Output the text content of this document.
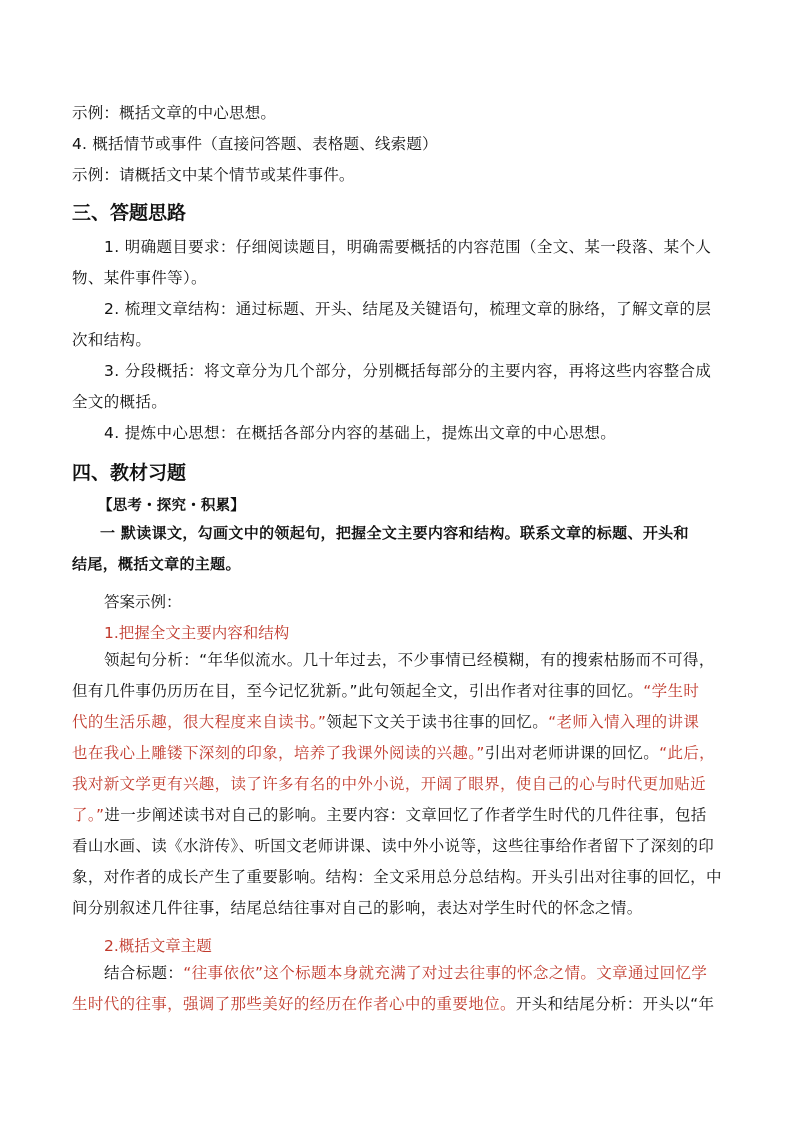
示例：概括文章的中心思想。
4. 概括情节或事件（直接问答题、表格题、线索题）
示例：请概括文中某个情节或某件事件。
三、答题思路
1. 明确题目要求：仔细阅读题目，明确需要概括的内容范围（全文、某一段落、某个人
物、某件事件等）。
2. 梳理文章结构：通过标题、开头、结尾及关键语句，梳理文章的脉络，了解文章的层
次和结构。
3. 分段概括：将文章分为几个部分，分别概括每部分的主要内容，再将这些内容整合成
全文的概括。
4. 提炼中心思想：在概括各部分内容的基础上，提炼出文章的中心思想。
四、教材习题
【思考・探究・积累】
一 默读课文，勾画文中的领起句，把握全文主要内容和结构。联系文章的标题、开头和
结尾，概括文章的主题。
答案示例：
1.把握全文主要内容和结构
领起句分析：“年华似流水。几十年过去，不少事情已经模糊，有的搜索枯肠而不可得，
但有几件事仍历历在目，至今记忆犹新。”此句领起全文，引出作者对往事的回忆。“学生时
代的生活乐趣，很大程度来自读书。”领起下文关于读书往事的回忆。“老师入情入理的讲课
也在我心上雕镂下深刻的印象，培养了我课外阅读的兴趣。”引出对老师讲课的回忆。“此后，
我对新文学更有兴趣，读了许多有名的中外小说，开阔了眼界，使自己的心与时代更加贴近
了。”进一步阐述读书对自己的影响。主要内容：文章回忆了作者学生时代的几件往事，包括
看山水画、读《水浒传》、听国文老师讲课、读中外小说等，这些往事给作者留下了深刻的印
象，对作者的成长产生了重要影响。结构：全文采用总分总结构。开头引出对往事的回忆，中
间分别叙述几件往事，结尾总结往事对自己的影响，表达对学生时代的怀念之情。
2.概括文章主题
结合标题：“往事依依”这个标题本身就充满了对过去往事的怀念之情。文章通过回忆学
生时代的往事，强调了那些美好的经历在作者心中的重要地位。开头和结尾分析：开头以“年
